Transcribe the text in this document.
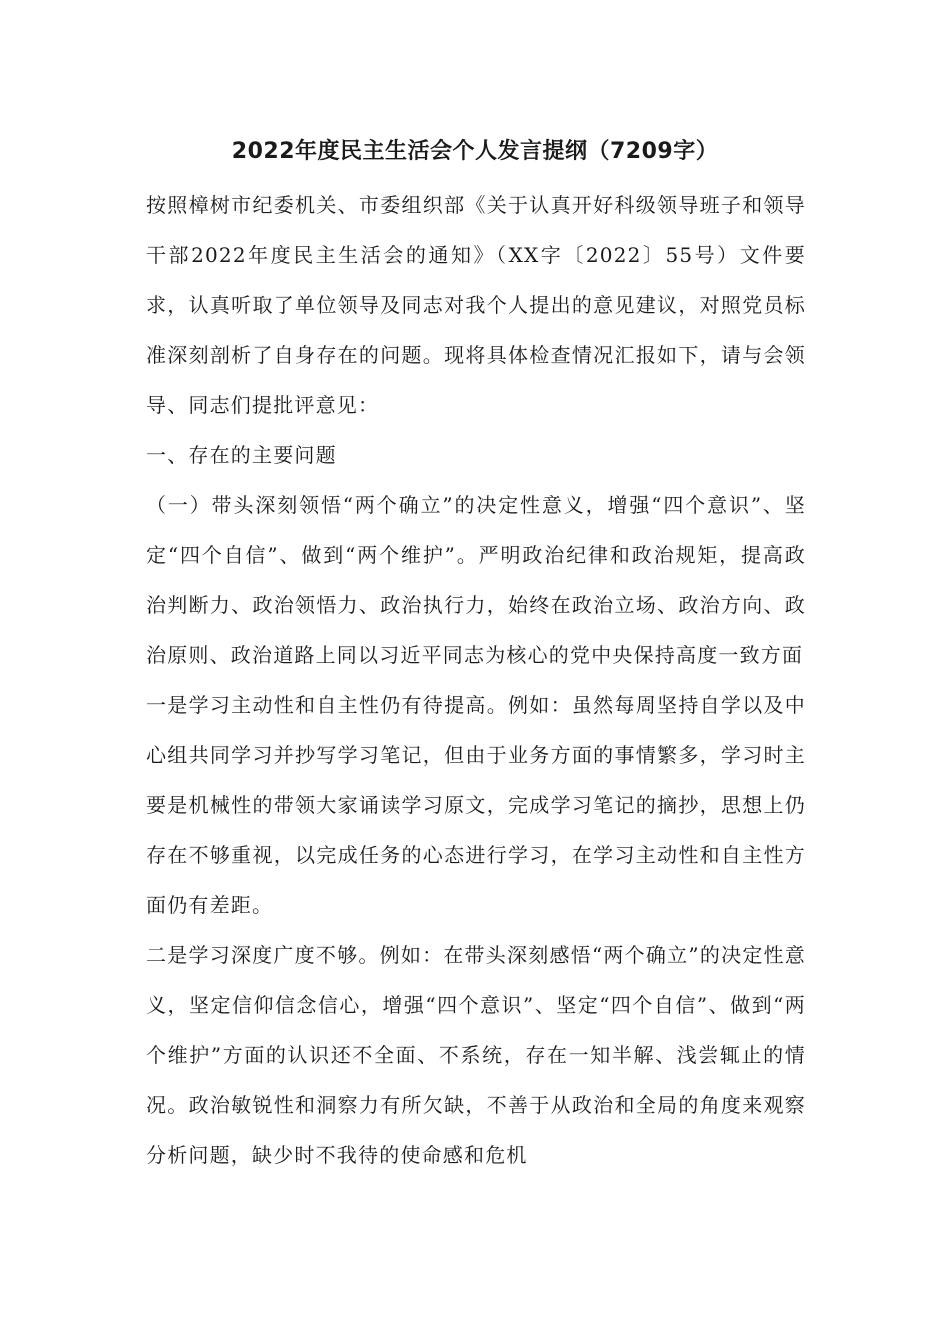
2022年度民主生活会个人发言提纲（7209字）

按照樟树市纪委机关、市委组织部《关于认真开好科级领导班子和领导干部2022年度民主生活会的通知》（XX字〔2022〕55号）文件要求，认真听取了单位领导及同志对我个人提出的意见建议，对照党员标准深刻剖析了自身存在的问题。现将具体检查情况汇报如下，请与会领导、同志们提批评意见：

一、存在的主要问题

（一）带头深刻领悟“两个确立”的决定性意义，增强“四个意识”、坚定“四个自信”、做到“两个维护”。严明政治纪律和政治规矩，提高政治判断力、政治领悟力、政治执行力，始终在政治立场、政治方向、政治原则、政治道路上同以习近平同志为核心的党中央保持高度一致方面

一是学习主动性和自主性仍有待提高。例如：虽然每周坚持自学以及中心组共同学习并抄写学习笔记，但由于业务方面的事情繁多，学习时主要是机械性的带领大家诵读学习原文，完成学习笔记的摘抄，思想上仍存在不够重视，以完成任务的心态进行学习，在学习主动性和自主性方面仍有差距。

二是学习深度广度不够。例如：在带头深刻感悟“两个确立”的决定性意义，坚定信仰信念信心，增强“四个意识”、坚定“四个自信”、做到“两个维护”方面的认识还不全面、不系统，存在一知半解、浅尝辄止的情况。政治敏锐性和洞察力有所欠缺，不善于从政治和全局的角度来观察分析问题，缺少时不我待的使命感和危机
